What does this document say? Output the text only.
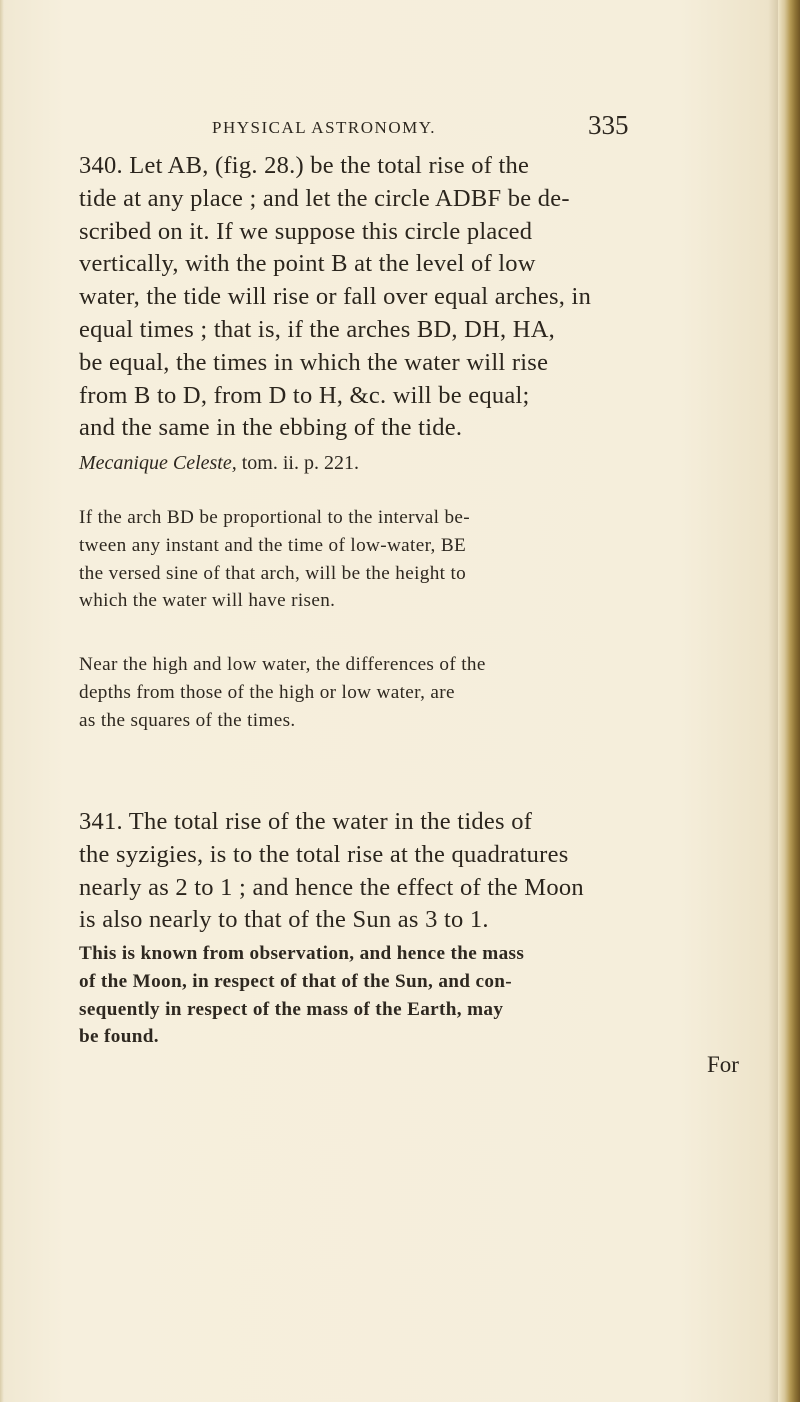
PHYSICAL ASTRONOMY.	335

340. Let AB, (fig. 28.) be the total rise of the
tide at any place ; and let the circle ADBF be de-
scribed on it. If we suppose this circle placed
vertically, with the point B at the level of low
water, the tide will rise or fall over equal arches, in
equal times ; that is, if the arches BD, DH, HA,
be equal, the times in which the water will rise
from B to D, from D to H, &c. will be equal;
and the same in the ebbing of the tide.

Mecanique Celeste, tom. ii. p. 221.

If the arch BD be proportional to the interval be-
tween any instant and the time of low-water, BE
the versed sine of that arch, will be the height to
which the water will have risen.

Near the high and low water, the differences of the
depths from those of the high or low water, are
as the squares of the times.

341. The total rise of the water in the tides of
the syzigies, is to the total rise at the quadratures
nearly as 2 to 1 ; and hence the effect of the Moon
is also nearly to that of the Sun as 3 to 1.

This is known from observation, and hence the mass
of the Moon, in respect of that of the Sun, and con-
sequently in respect of the mass of the Earth, may
be found.

For
